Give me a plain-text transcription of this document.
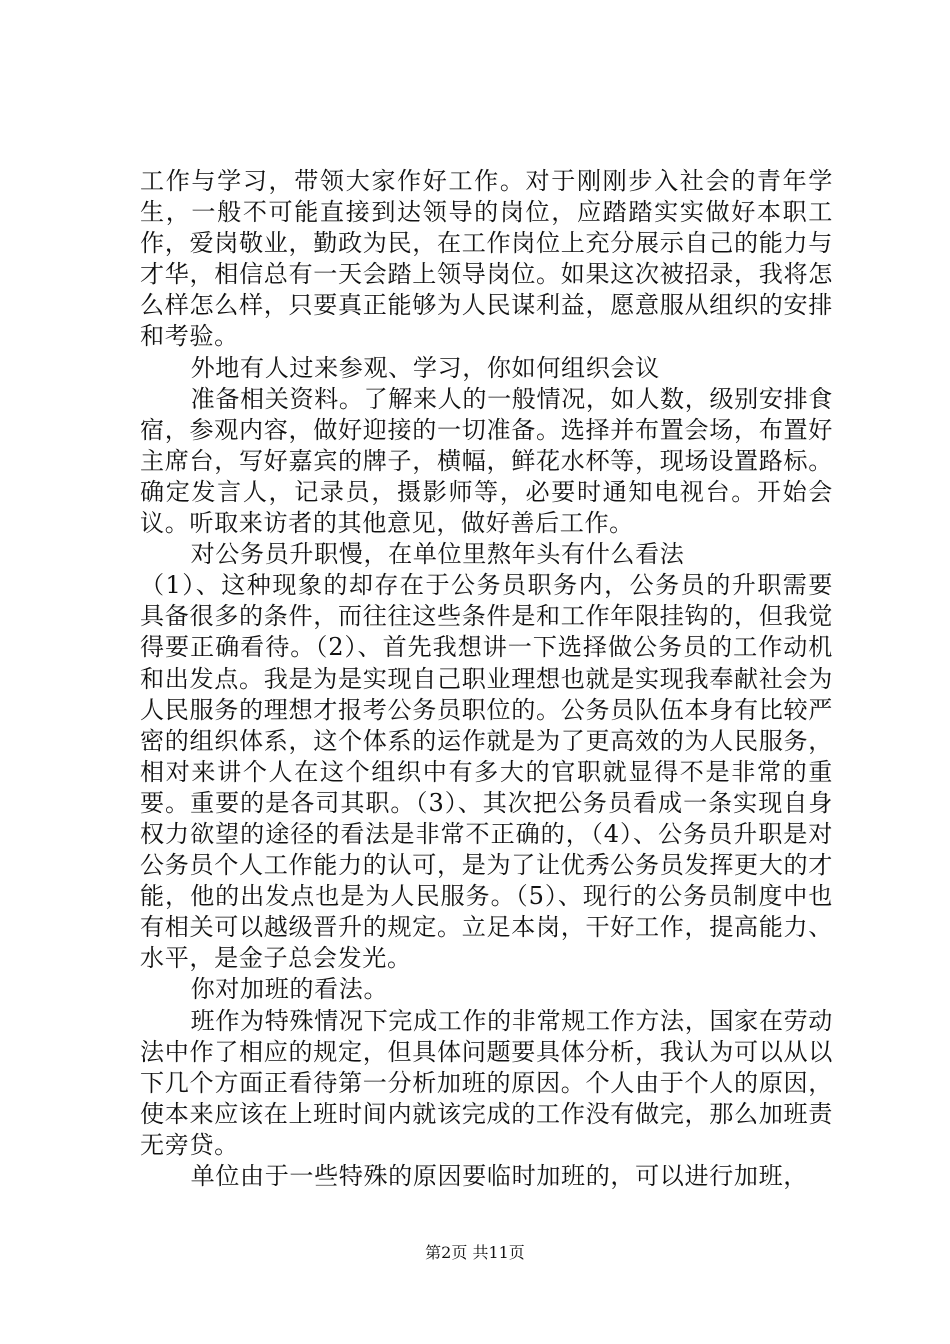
工作与学习，带领大家作好工作。对于刚刚步入社会的青年学生，一般不可能直接到达领导的岗位，应踏踏实实做好本职工作，爱岗敬业，勤政为民，在工作岗位上充分展示自己的能力与才华，相信总有一天会踏上领导岗位。如果这次被招录，我将怎么样怎么样，只要真正能够为人民谋利益，愿意服从组织的安排和考验。

外地有人过来参观、学习，你如何组织会议

准备相关资料。了解来人的一般情况，如人数，级别安排食宿，参观内容，做好迎接的一切准备。选择并布置会场，布置好主席台，写好嘉宾的牌子，横幅，鲜花水杯等，现场设置路标。确定发言人，记录员，摄影师等，必要时通知电视台。开始会议。听取来访者的其他意见，做好善后工作。

对公务员升职慢，在单位里熬年头有什么看法

（1）、这种现象的却存在于公务员职务内，公务员的升职需要具备很多的条件，而往往这些条件是和工作年限挂钩的，但我觉得要正确看待。（2）、首先我想讲一下选择做公务员的工作动机和出发点。我是为是实现自己职业理想也就是实现我奉献社会为人民服务的理想才报考公务员职位的。公务员队伍本身有比较严密的组织体系，这个体系的运作就是为了更高效的为人民服务，相对来讲个人在这个组织中有多大的官职就显得不是非常的重要。重要的是各司其职。（3）、其次把公务员看成一条实现自身权力欲望的途径的看法是非常不正确的，（4）、公务员升职是对公务员个人工作能力的认可，是为了让优秀公务员发挥更大的才能，他的出发点也是为人民服务。（5）、现行的公务员制度中也有相关可以越级晋升的规定。立足本岗，干好工作，提高能力、水平，是金子总会发光。

你对加班的看法。

班作为特殊情况下完成工作的非常规工作方法，国家在劳动法中作了相应的规定，但具体问题要具体分析，我认为可以从以下几个方面正看待第一分析加班的原因。个人由于个人的原因，使本来应该在上班时间内就该完成的工作没有做完，那么加班责无旁贷。

单位由于一些特殊的原因要临时加班的，可以进行加班，

第2页 共11页
